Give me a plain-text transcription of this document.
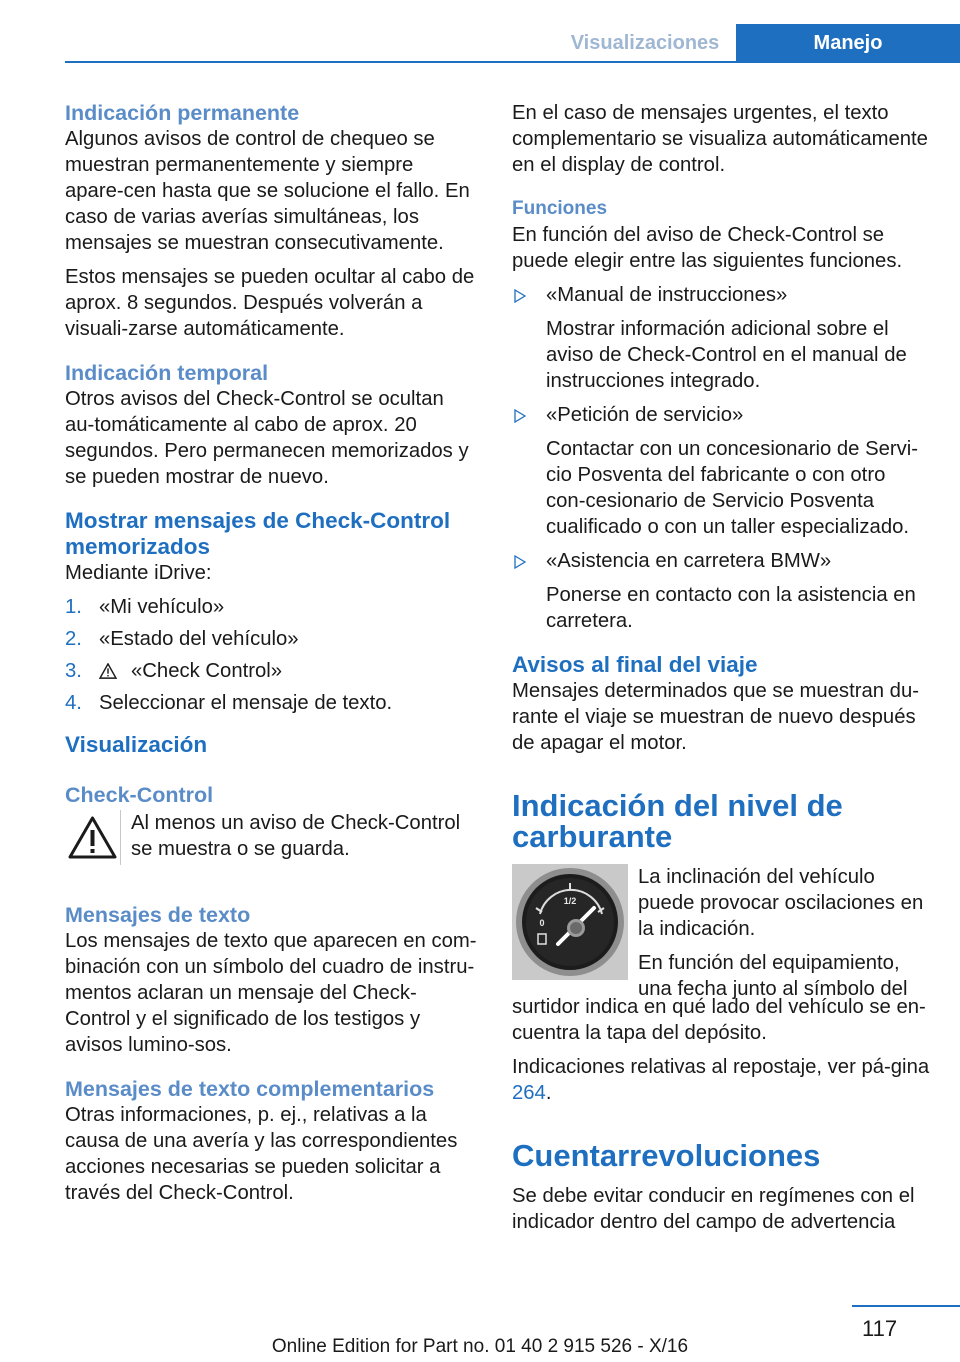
Visualizaciones	Manejo
Indicación permanente

Algunos avisos de control de chequeo se muestran permanentemente y siempre apare-cen hasta que se solucione el fallo. En caso de varias averías simultáneas, los mensajes se muestran consecutivamente.

Estos mensajes se pueden ocultar al cabo de aprox. 8 segundos. Después volverán a visuali-zarse automáticamente.

Indicación temporal

Otros avisos del Check-Control se ocultan au-tomáticamente al cabo de aprox. 20 segundos. Pero permanecen memorizados y se pueden mostrar de nuevo.

Mostrar mensajes de Check-Control memorizados

Mediante iDrive:

1. «Mi vehículo»
2. «Estado del vehículo»
3. «Check Control»
4. Seleccionar el mensaje de texto.
Visualización
Check-Control

Al menos un aviso de Check-Control se muestra o se guarda.

Mensajes de texto

Los mensajes de texto que aparecen en com-binación con un símbolo del cuadro de instru-mentos aclaran un mensaje del Check-Control y el significado de los testigos y avisos lumino-sos.

Mensajes de texto complementarios

Otras informaciones, p. ej., relativas a la causa de una avería y las correspondientes acciones necesarias se pueden solicitar a través del Check-Control.

En el caso de mensajes urgentes, el texto complementario se visualiza automáticamente en el display de control.

Funciones

En función del aviso de Check-Control se puede elegir entre las siguientes funciones.

«Manual de instrucciones»
Mostrar información adicional sobre el aviso de Check-Control en el manual de instrucciones integrado.
«Petición de servicio»
Contactar con un concesionario de Servi-cio Posventa del fabricante o con otro con-cesionario de Servicio Posventa cualificado o con un taller especializado.
«Asistencia en carretera BMW»
Ponerse en contacto con la asistencia en carretera.
Avisos al final del viaje

Mensajes determinados que se muestran du-rante el viaje se muestran de nuevo después de apagar el motor.

Indicación del nivel de carburante
1/2
0

La inclinación del vehículo puede provocar oscilaciones en la indicación.

En función del equipamiento, una fecha junto al símbolo del

surtidor indica en qué lado del vehículo se en-cuentra la tapa del depósito.

Indicaciones relativas al repostaje, ver pá-gina 264.

Cuentarrevoluciones

Se debe evitar conducir en regímenes con el indicador dentro del campo de advertencia

117
Online Edition for Part no. 01 40 2 915 526 - X/16
